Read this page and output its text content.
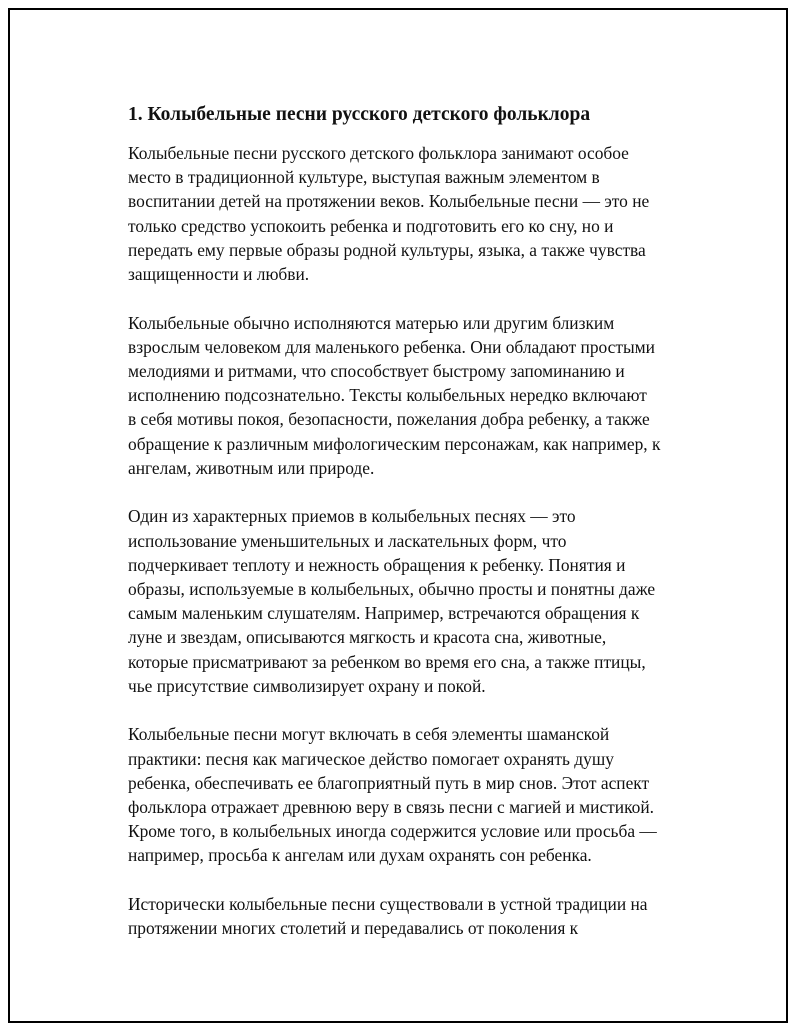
1. Колыбельные песни русского детского фольклора

Колыбельные песни русского детского фольклора занимают особое
место в традиционной культуре, выступая важным элементом в
воспитании детей на протяжении веков. Колыбельные песни — это не
только средство успокоить ребенка и подготовить его ко сну, но и
передать ему первые образы родной культуры, языка, а также чувства
защищенности и любви.

Колыбельные обычно исполняются матерью или другим близким
взрослым человеком для маленького ребенка. Они обладают простыми
мелодиями и ритмами, что способствует быстрому запоминанию и
исполнению подсознательно. Тексты колыбельных нередко включают
в себя мотивы покоя, безопасности, пожелания добра ребенку, а также
обращение к различным мифологическим персонажам, как например, к
ангелам, животным или природе.

Один из характерных приемов в колыбельных песнях — это
использование уменьшительных и ласкательных форм, что
подчеркивает теплоту и нежность обращения к ребенку. Понятия и
образы, используемые в колыбельных, обычно просты и понятны даже
самым маленьким слушателям. Например, встречаются обращения к
луне и звездам, описываются мягкость и красота сна, животные,
которые присматривают за ребенком во время его сна, а также птицы,
чье присутствие символизирует охрану и покой.

Колыбельные песни могут включать в себя элементы шаманской
практики: песня как магическое действо помогает охранять душу
ребенка, обеспечивать ее благоприятный путь в мир снов. Этот аспект
фольклора отражает древнюю веру в связь песни с магией и мистикой.
Кроме того, в колыбельных иногда содержится условие или просьба —
например, просьба к ангелам или духам охранять сон ребенка.

Исторически колыбельные песни существовали в устной традиции на
протяжении многих столетий и передавались от поколения к
